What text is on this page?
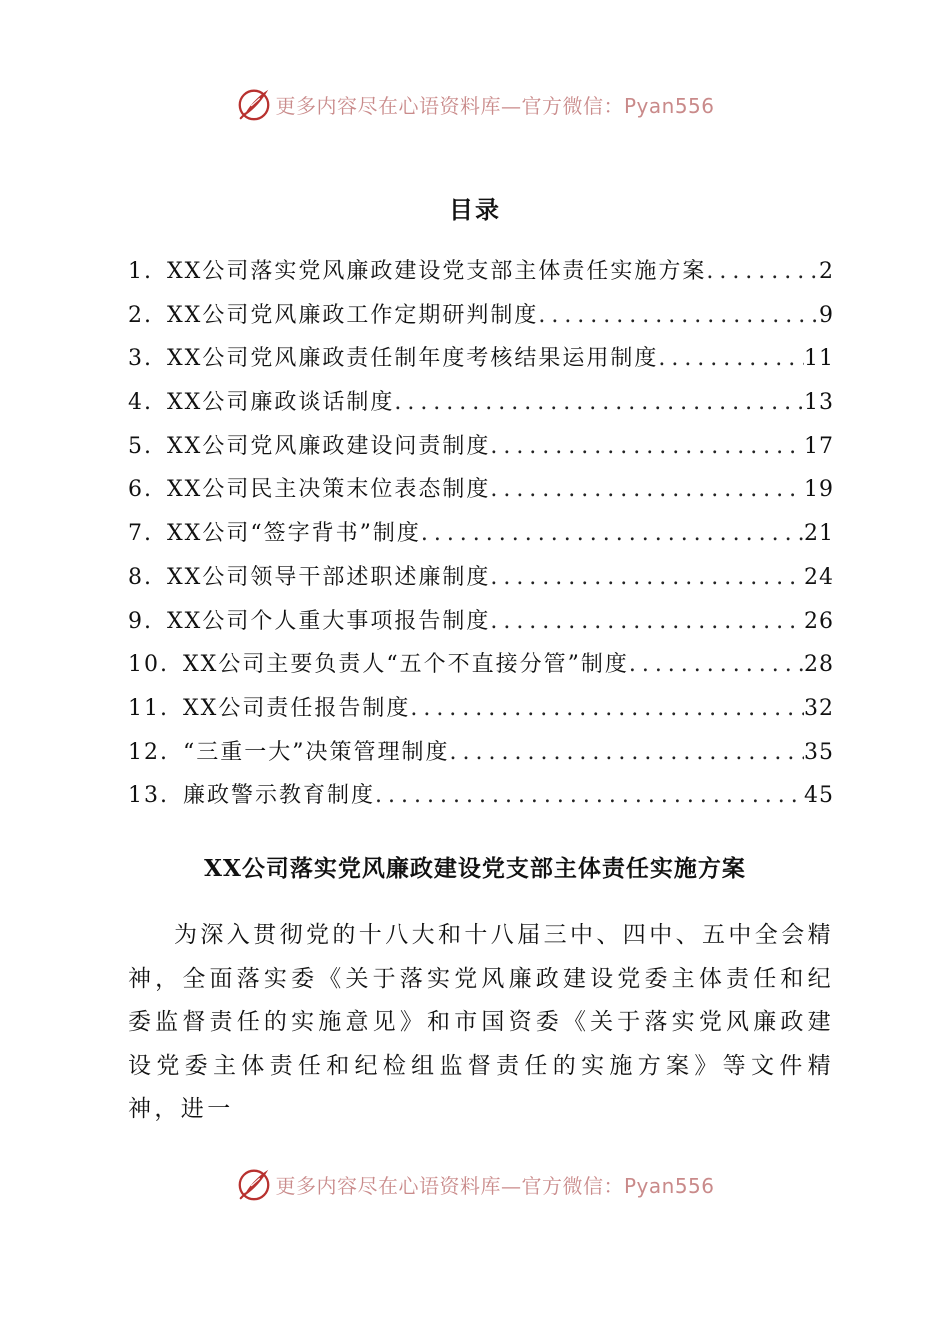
更多内容尽在心语资料库—官方微信：Pyan556
目录
1. XX公司落实党风廉政建设党支部主体责任实施方案 .....	2
2. XX公司党风廉政工作定期研判制度 .....	9
3. XX公司党风廉政责任制年度考核结果运用制度 .....	11
4. XX公司廉政谈话制度 .....	13
5. XX公司党风廉政建设问责制度 .....	17
6. XX公司民主决策末位表态制度 .....	19
7. XX公司“签字背书”制度 .....	21
8. XX公司领导干部述职述廉制度 .....	24
9. XX公司个人重大事项报告制度 .....	26
10. XX公司主要负责人“五个不直接分管”制度 .....	28
11. XX公司责任报告制度 .....	32
12. “三重一大”决策管理制度 .....	35
13. 廉政警示教育制度 .....	45
XX公司落实党风廉政建设党支部主体责任实施方案

为深入贯彻党的十八大和十八届三中、四中、五中全会精神，全面落实委《关于落实党风廉政建设党委主体责任和纪委监督责任的实施意见》和市国资委《关于落实党风廉政建设党委主体责任和纪检组监督责任的实施方案》等文件精神，进一

更多内容尽在心语资料库—官方微信：Pyan556
